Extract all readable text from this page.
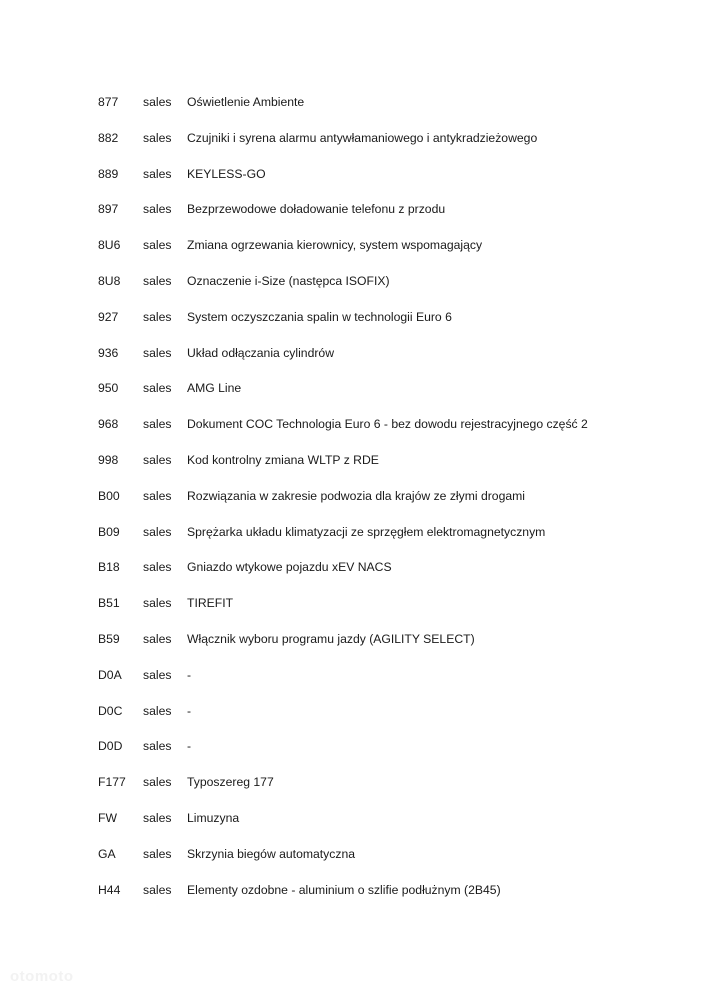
877	sales	Oświetlenie Ambiente
882	sales	Czujniki i syrena alarmu antywłamaniowego i antykradzieżowego
889	sales	KEYLESS-GO
897	sales	Bezprzewodowe doładowanie telefonu z przodu
8U6	sales	Zmiana ogrzewania kierownicy, system wspomagający
8U8	sales	Oznaczenie i-Size (następca ISOFIX)
927	sales	System oczyszczania spalin w technologii Euro 6
936	sales	Układ odłączania cylindrów
950	sales	AMG Line
968	sales	Dokument COC Technologia Euro 6 - bez dowodu rejestracyjnego część 2
998	sales	Kod kontrolny zmiana WLTP z RDE
B00	sales	Rozwiązania w zakresie podwozia dla krajów ze złymi drogami
B09	sales	Sprężarka układu klimatyzacji ze sprzęgłem elektromagnetycznym
B18	sales	Gniazdo wtykowe pojazdu xEV NACS
B51	sales	TIREFIT
B59	sales	Włącznik wyboru programu jazdy (AGILITY SELECT)
D0A	sales	-
D0C	sales	-
D0D	sales	-
F177	sales	Typoszereg 177
FW	sales	Limuzyna
GA	sales	Skrzynia biegów automatyczna
H44	sales	Elementy ozdobne - aluminium o szlifie podłużnym (2B45)
otomoto
